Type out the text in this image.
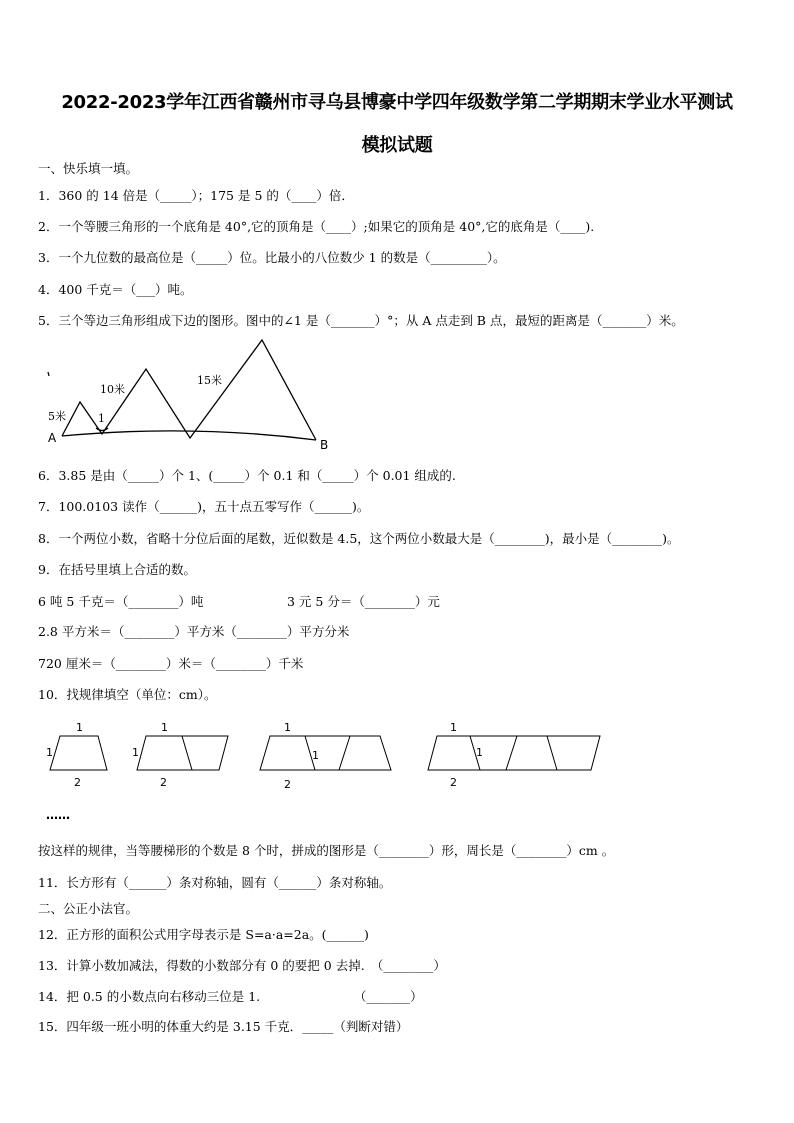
2022-2023学年江西省赣州市寻乌县博豪中学四年级数学第二学期期末学业水平测试
模拟试题
一、快乐填一填。
1．360 的 14 倍是（_____）；175 是 5 的（____）倍．
2．一个等腰三角形的一个底角是 40°,它的顶角是（____）;如果它的顶角是 40°,它的底角是（____).
3．一个九位数的最高位是（_____）位。比最小的八位数少 1 的数是（_________）。
4．400 千克＝（___）吨。
5．三个等边三角形组成下边的图形。图中的∠1 是（_______）°；从 A 点走到 B 点，最短的距离是（_______）米。
5米
10米
15米
1
A	B
6．3.85 是由（_____）个 1、(_____）个 0.1 和（_____）个 0.01 组成的.
7．100.0103 读作（______)，五十点五零写作（______)。
8．一个两位小数，省略十分位后面的尾数，近似数是 4.5，这个两位小数最大是（________)，最小是（________)。
9．在括号里填上合适的数。
6 吨 5 千克＝（________）吨	3 元 5 分＝（________）元
2.8 平方米＝（________）平方米（________）平方分米
720 厘米＝（________）米＝（________）千米
10．找规律填空（单位：cm）。
1
1
2
1
1
2
1
1
2
1
1
2
……
按这样的规律，当等腰梯形的个数是 8 个时，拼成的图形是（________）形，周长是（________）cm 。
11．长方形有（______）条对称轴，圆有（______）条对称轴。
二、公正小法官。
12．正方形的面积公式用字母表示是 S=a·a=2a。(______)
13．计算小数加减法，得数的小数部分有 0 的要把 0 去掉.　（________）
14．把 0.5 的小数点向右移动三位是 1.　　　　　　　　（_______）
15．四年级一班小明的体重大约是 3.15 千克．_____（判断对错）
